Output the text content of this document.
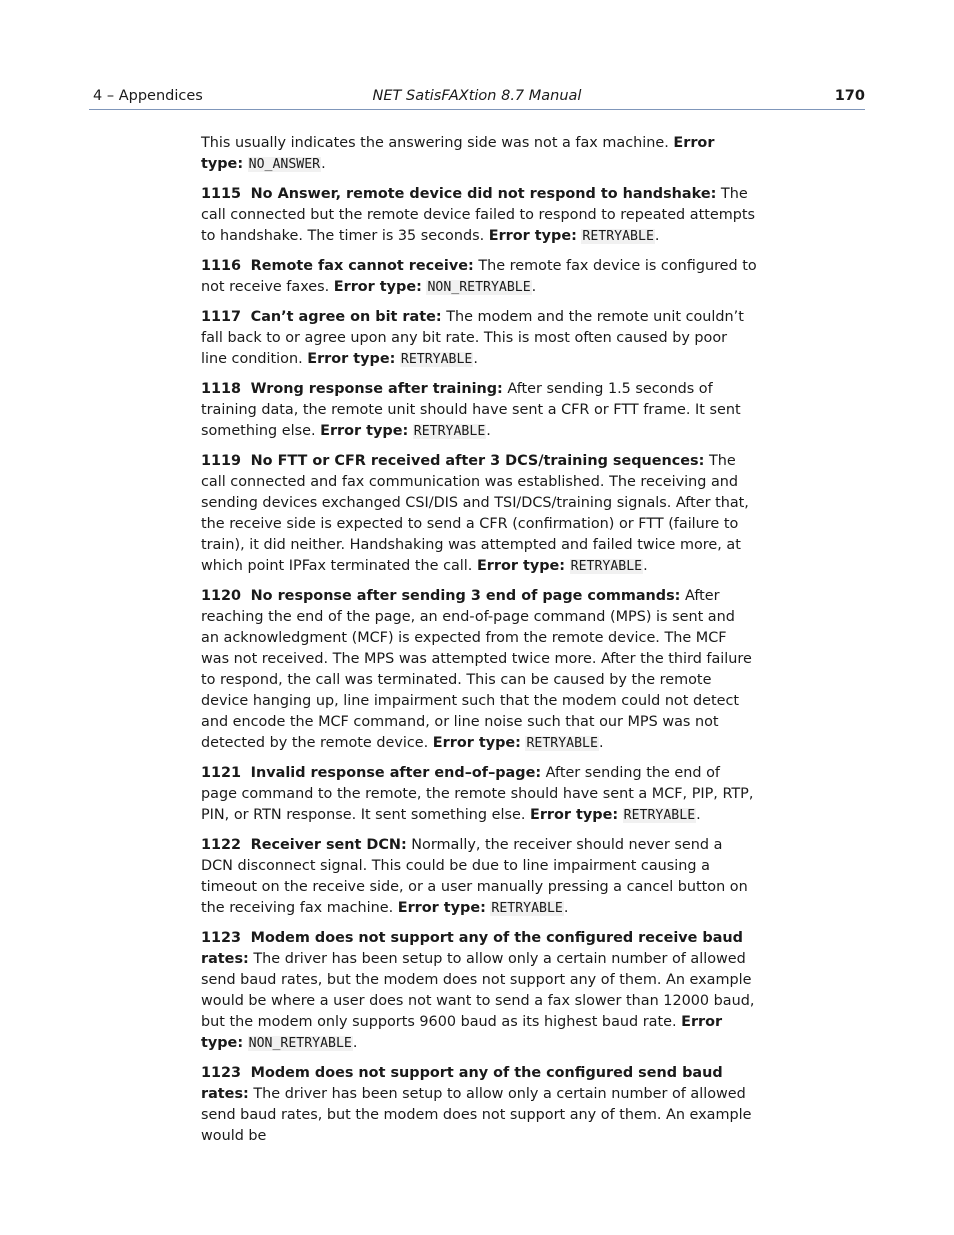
4 – Appendices	NET SatisFAXtion 8.7 Manual	170

This usually indicates the answering side was not a fax machine. Error type: NO_ANSWER.

1115 No Answer, remote device did not respond to handshake: The call connected but the remote device failed to respond to repeated attempts to handshake. The timer is 35 seconds. Error type: RETRYABLE.

1116 Remote fax cannot receive: The remote fax device is configured to not receive faxes. Error type: NON_RETRYABLE.

1117 Can’t agree on bit rate: The modem and the remote unit couldn’t fall back to or agree upon any bit rate. This is most often caused by poor line condition. Error type: RETRYABLE.

1118 Wrong response after training: After sending 1.5 seconds of training data, the remote unit should have sent a CFR or FTT frame. It sent something else. Error type: RETRYABLE.

1119 No FTT or CFR received after 3 DCS/training sequences: The call connected and fax communication was established. The receiving and sending devices exchanged CSI/DIS and TSI/DCS/training signals. After that, the receive side is expected to send a CFR (confirmation) or FTT (failure to train), it did neither. Handshaking was attempted and failed twice more, at which point IPFax terminated the call. Error type: RETRYABLE.

1120 No response after sending 3 end of page commands: After reaching the end of the page, an end-of-page command (MPS) is sent and an acknowledgment (MCF) is expected from the remote device. The MCF was not received. The MPS was attempted twice more. After the third failure to respond, the call was terminated. This can be caused by the remote device hanging up, line impairment such that the modem could not detect and encode the MCF command, or line noise such that our MPS was not detected by the remote device. Error type: RETRYABLE.

1121 Invalid response after end–of–page: After sending the end of page command to the remote, the remote should have sent a MCF, PIP, RTP, PIN, or RTN response. It sent something else. Error type: RETRYABLE.

1122 Receiver sent DCN: Normally, the receiver should never send a DCN disconnect signal. This could be due to line impairment causing a timeout on the receive side, or a user manually pressing a cancel button on the receiving fax machine. Error type: RETRYABLE.

1123 Modem does not support any of the configured receive baud rates: The driver has been setup to allow only a certain number of allowed send baud rates, but the modem does not support any of them. An example would be where a user does not want to send a fax slower than 12000 baud, but the modem only supports 9600 baud as its highest baud rate. Error type: NON_RETRYABLE.

1123 Modem does not support any of the configured send baud rates: The driver has been setup to allow only a certain number of allowed send baud rates, but the modem does not support any of them. An example would be
